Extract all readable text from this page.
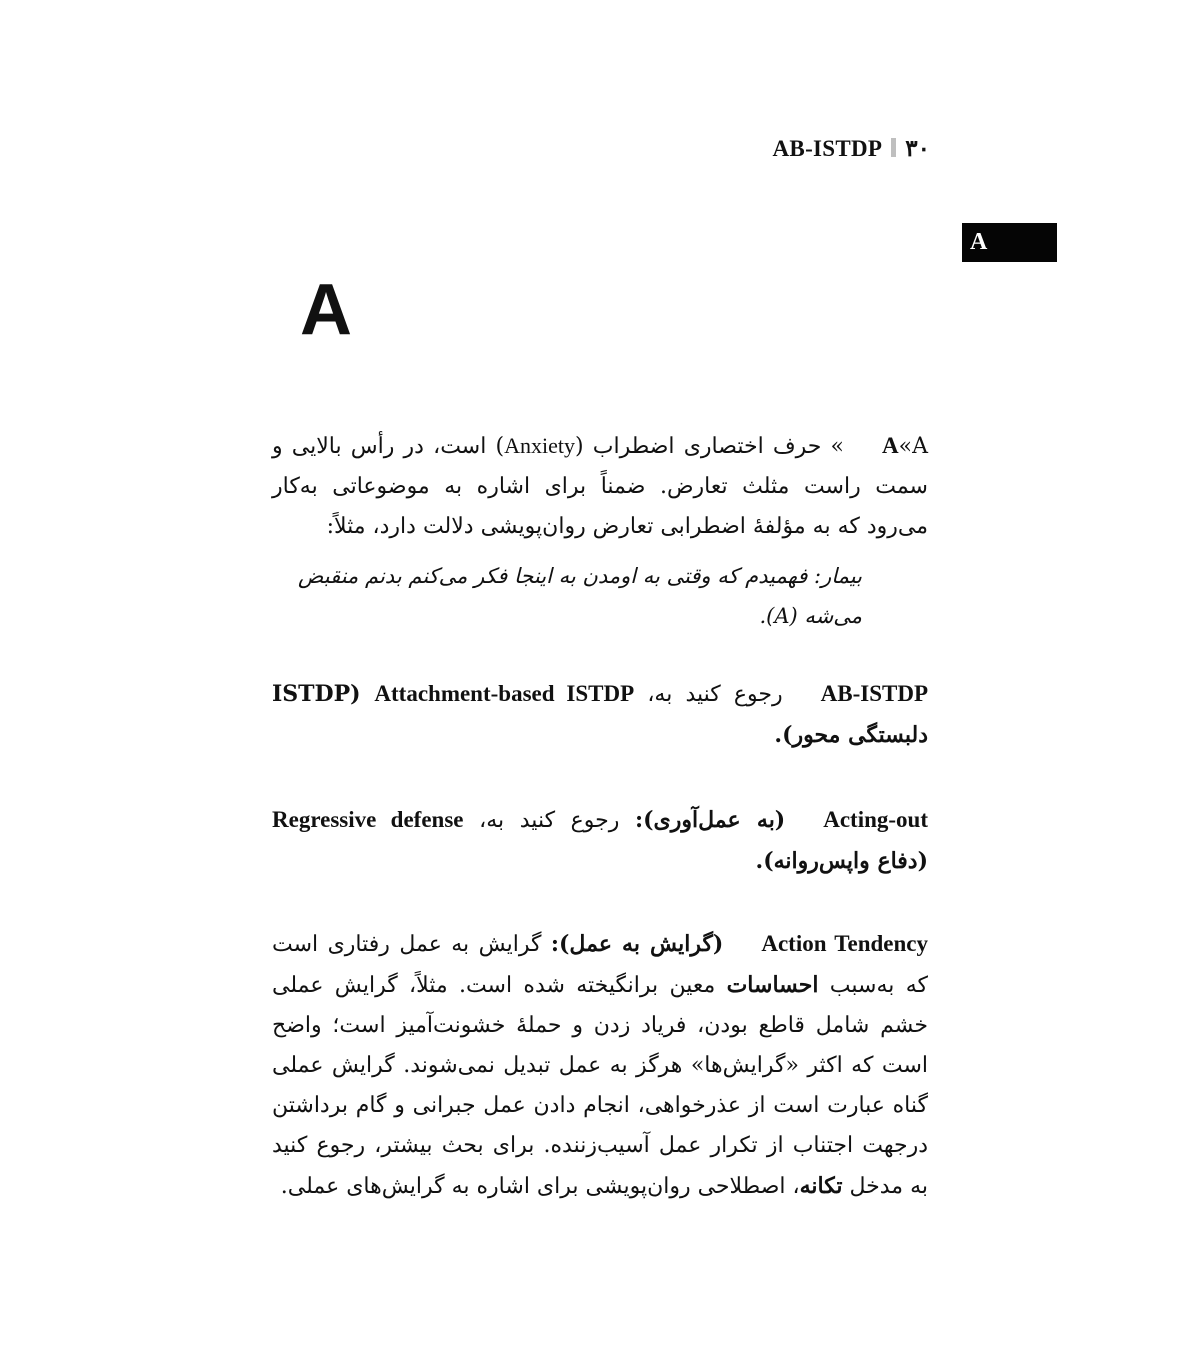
AB-ISTDP ۳۰
A
A

A«A» حرف اختصاری اضطراب (Anxiety) است، در رأس بالایی و سمت راست مثلث تعارض. ضمناً برای اشاره به موضوعاتی به‌کار می‌رود که به مؤلفهٔ اضطرابی تعارض روان‌پویشی دلالت دارد، مثلاً:

بیمار: فهمیدم که وقتی به اومدن به اینجا فکر می‌کنم بدنم منقبض می‌شه (A).

AB-ISTDPرجوع کنید به، Attachment-based ISTDP (ISTDP دلبستگی محور).

Acting-out(به عمل‌آوری): رجوع کنید به، Regressive defense (دفاع واپس‌روانه).

Action Tendency(گرایش به عمل): گرایش به عمل رفتاری است که به‌سبب احساسات معین برانگیخته شده است. مثلاً، گرایش عملی خشم شامل قاطع بودن، فریاد زدن و حملهٔ خشونت‌آمیز است؛ واضح است که اکثر «گرایش‌ها» هرگز به عمل تبدیل نمی‌شوند. گرایش عملی گناه عبارت است از عذرخواهی، انجام دادن عمل جبرانی و گام برداشتن درجهت اجتناب از تکرار عمل آسیب‌زننده. برای بحث بیشتر، رجوع کنید به مدخل تکانه، اصطلاحی روان‌پویشی برای اشاره به گرایش‌های عملی.
